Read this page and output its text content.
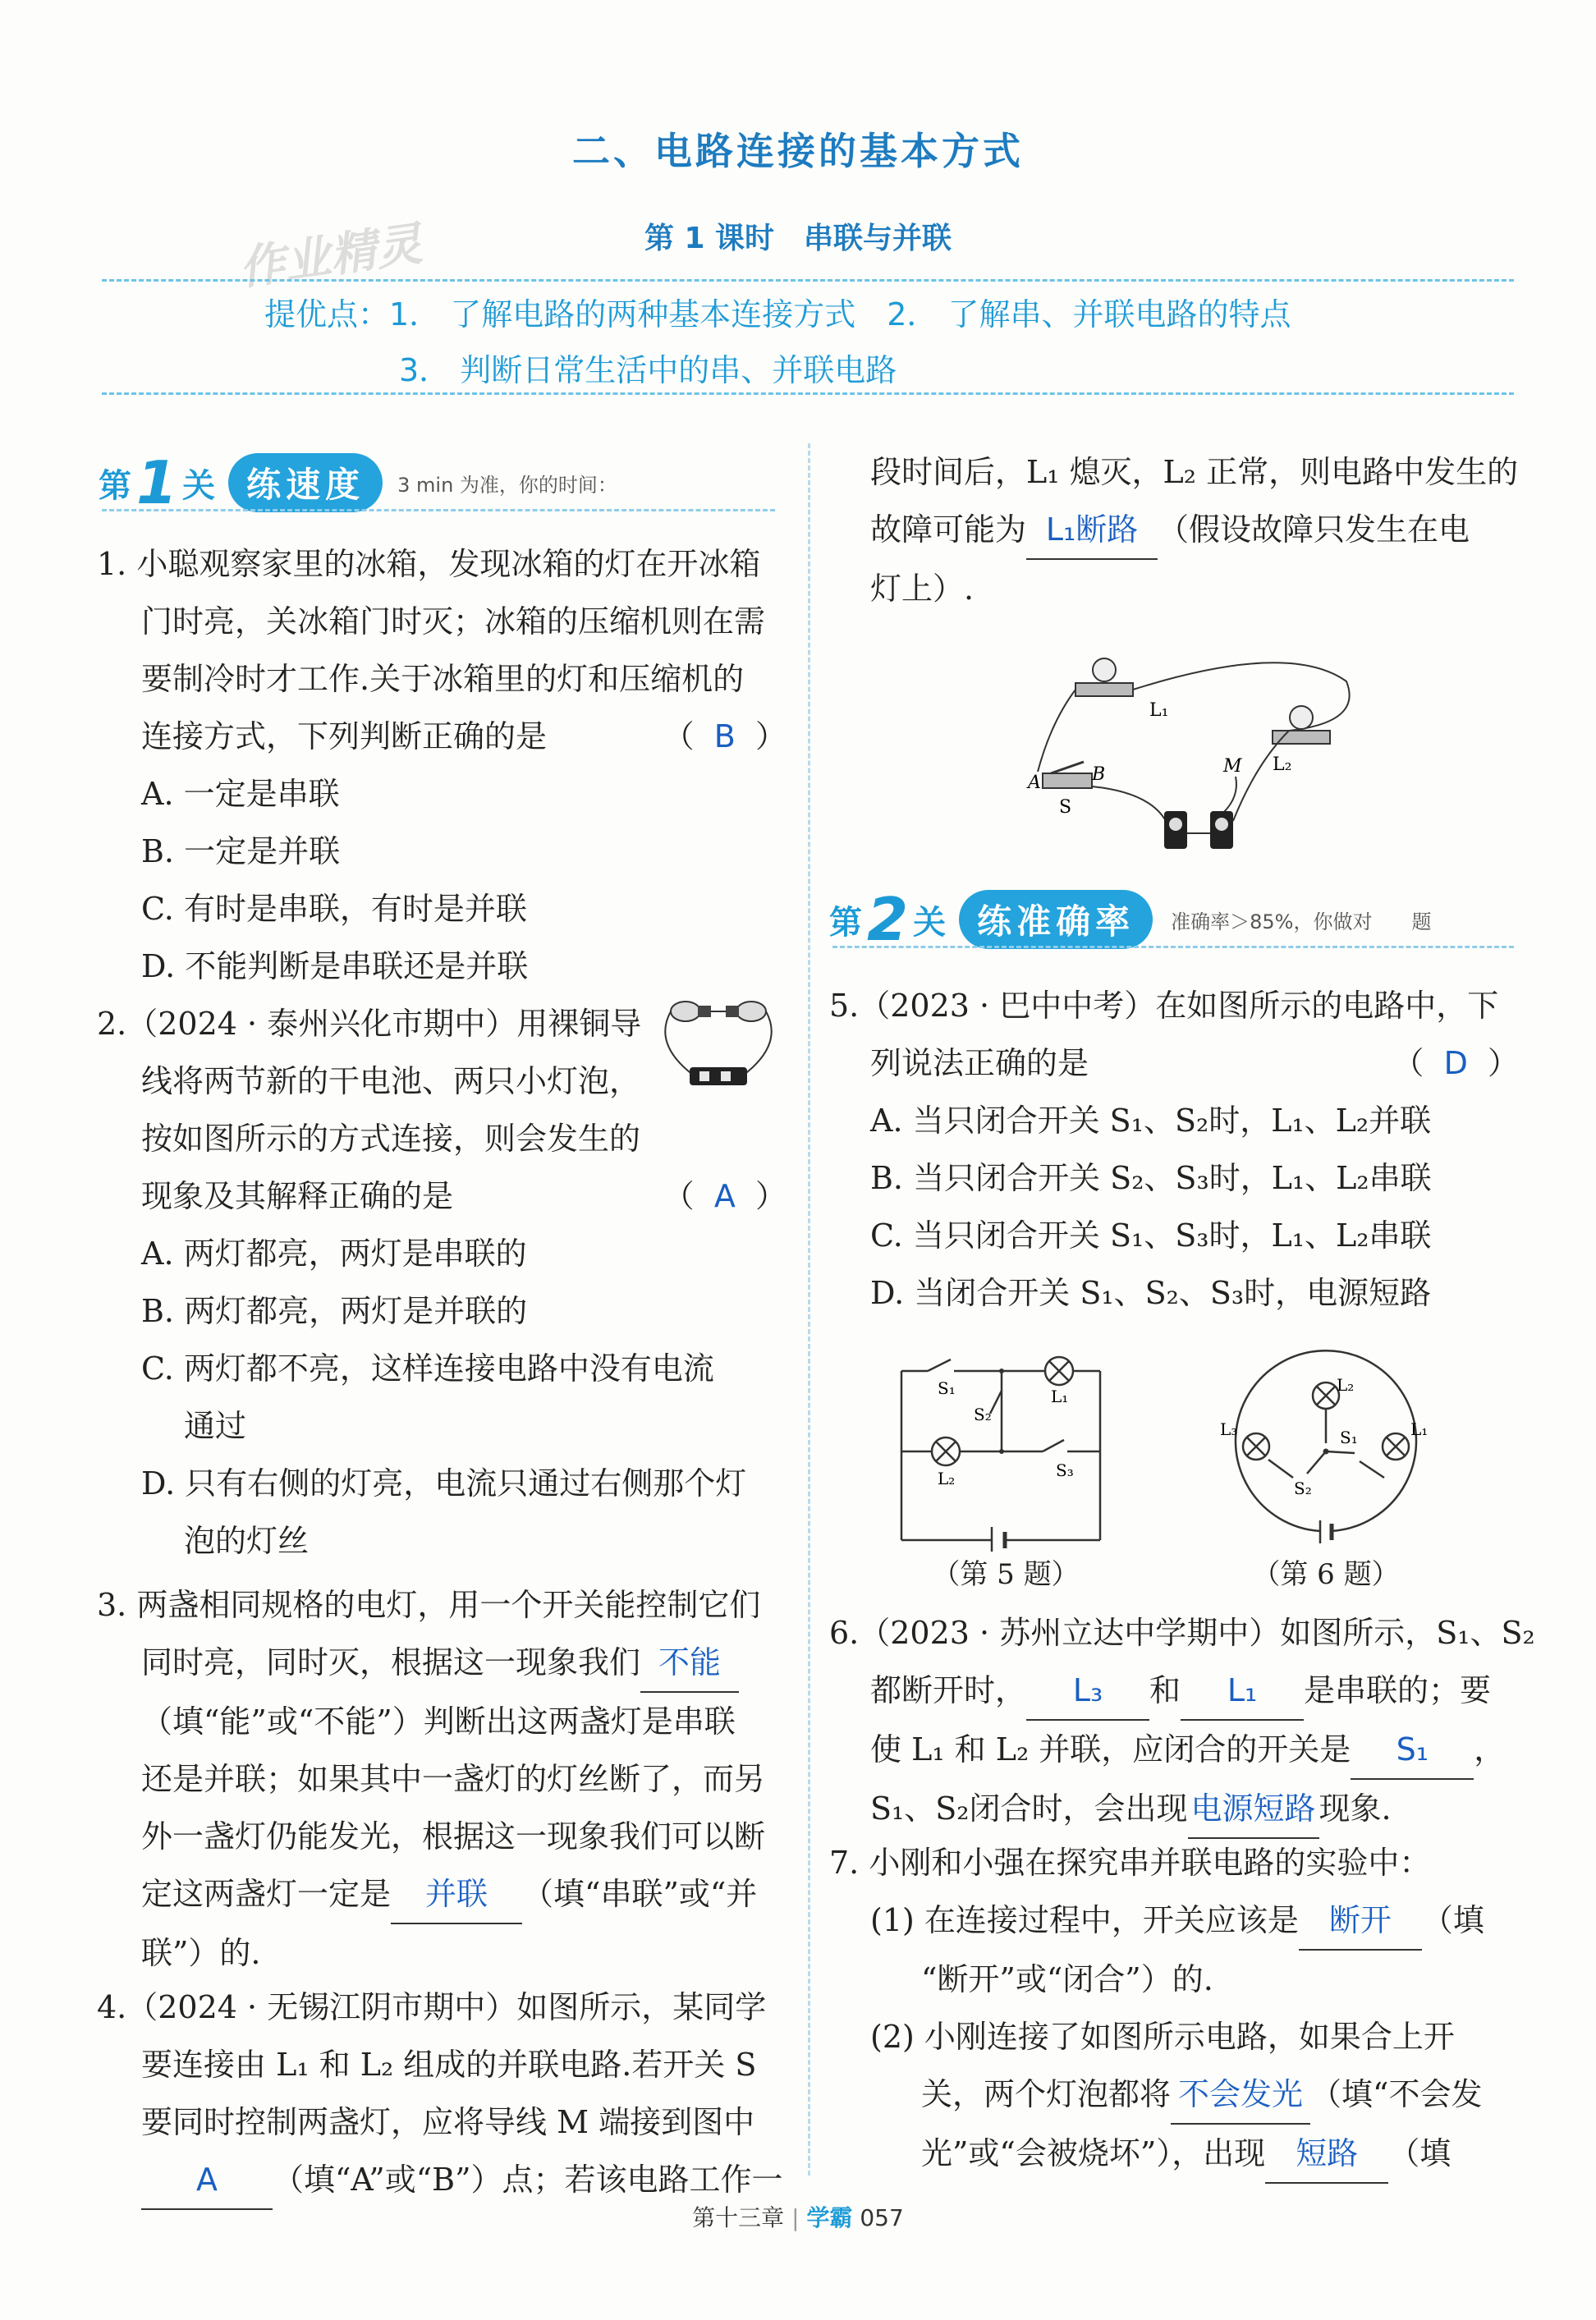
二、电路连接的基本方式
作业精灵	第 1 课时　串联与并联
提优点：1． 了解电路的两种基本连接方式　2． 了解串、并联电路的特点
3． 判断日常生活中的串、并联电路
第 1 关 练速度	3 min 为准，你的时间：
1. 小聪观察家里的冰箱，发现冰箱的灯在开冰箱
门时亮，关冰箱门时灭；冰箱的压缩机则在需
要制冷时才工作.关于冰箱里的灯和压缩机的
连接方式，下列判断正确的是	（  B  ）
A. 一定是串联
B. 一定是并联
C. 有时是串联，有时是并联
D. 不能判断是串联还是并联
2.（2024 · 泰州兴化市期中）用裸铜导
线将两节新的干电池、两只小灯泡，
按如图所示的方式连接，则会发生的
现象及其解释正确的是	（  A  ）
A. 两灯都亮，两灯是串联的
B. 两灯都亮，两灯是并联的
C. 两灯都不亮，这样连接电路中没有电流
通过
D. 只有右侧的灯亮，电流只通过右侧那个灯
泡的灯丝
3. 两盏相同规格的电灯，用一个开关能控制它们
同时亮，同时灭，根据这一现象我们 不能
（填“能”或“不能”）判断出这两盏灯是串联
还是并联；如果其中一盏灯的灯丝断了，而另
外一盏灯仍能发光，根据这一现象我们可以断
定这两盏灯一定是 并联 （填“串联”或“并
联”）的.
4.（2024 · 无锡江阴市期中）如图所示，某同学
要连接由 L₁ 和 L₂ 组成的并联电路.若开关 S
要同时控制两盏灯，应将导线 M 端接到图中
A （填“A”或“B”）点；若该电路工作一
段时间后，L₁ 熄灭，L₂ 正常，则电路中发生的
故障可能为 L₁断路 （假设故障只发生在电
灯上）.
L₁
L₂
A	B
S
M
第 2 关 练准确率	准确率＞85%，你做对　　题
5.（2023 · 巴中中考）在如图所示的电路中，下
列说法正确的是	（  D  ）
A. 当只闭合开关 S₁、S₂时，L₁、L₂并联
B. 当只闭合开关 S₂、S₃时，L₁、L₂串联
C. 当只闭合开关 S₁、S₃时，L₁、L₂串联
D. 当闭合开关 S₁、S₂、S₃时，电源短路
S₁
S₂
L₁
L₂	S₃
（第 5 题）
L₂
L₃	L₁
S₁
S₂
（第 6 题）
6.（2023 · 苏州立达中学期中）如图所示，S₁、S₂
都断开时， L₃ 和 L₁ 是串联的；要
使 L₁ 和 L₂ 并联，应闭合的开关是 S₁ ，
S₁、S₂闭合时，会出现 电源短路 现象.
7. 小刚和小强在探究串并联电路的实验中：
(1) 在连接过程中，开关应该是 断开 （填
“断开”或“闭合”）的.
(2) 小刚连接了如图所示电路，如果合上开
关，两个灯泡都将 不会发光 （填“不会发
光”或“会被烧坏”），出现 短路 （填
第十三章 | 学霸 057
